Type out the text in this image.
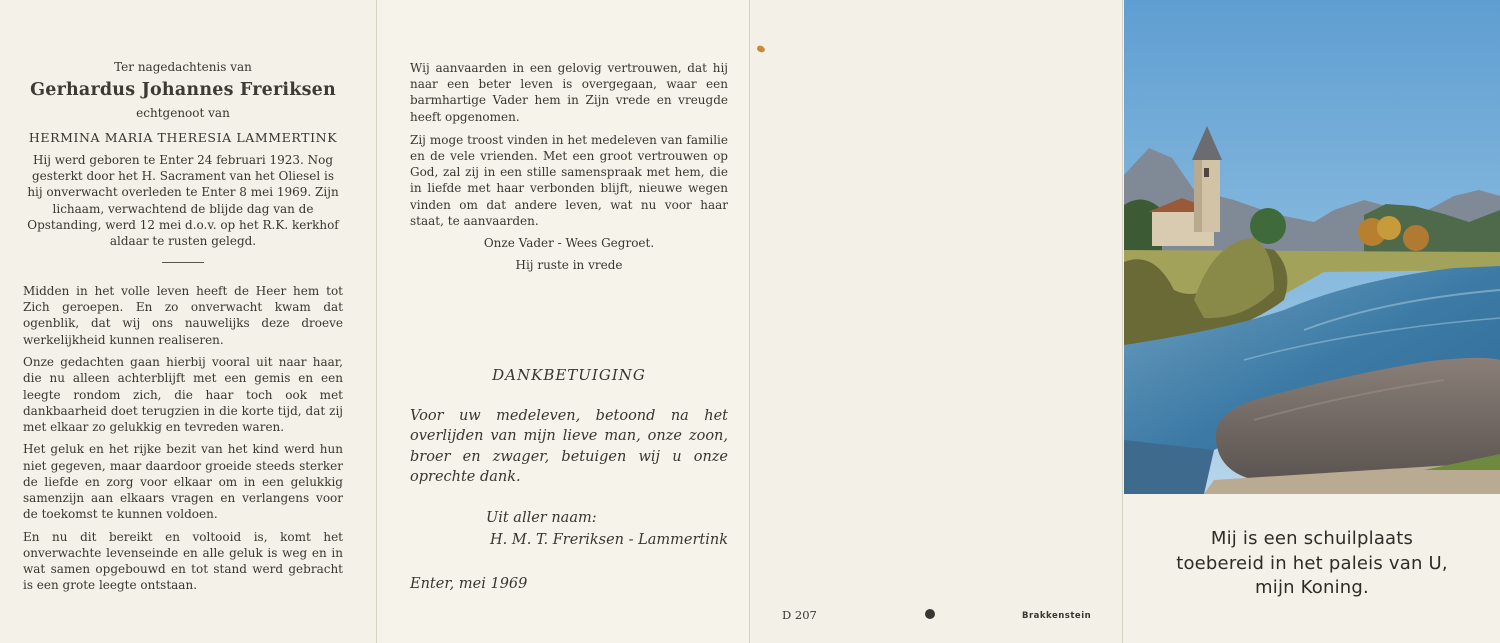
Ter nagedachtenis van
Gerhardus Johannes Freriksen
echtgenoot van
HERMINA MARIA THERESIA LAMMERTINK

Hij werd geboren te Enter 24 februari 1923. Nog gesterkt door het H. Sacrament van het Oliesel is hij onverwacht overleden te Enter 8 mei 1969. Zijn lichaam, verwachtend de blijde dag van de Opstanding, werd 12 mei d.o.v. op het R.K. kerkhof aldaar te rusten gelegd.

Midden in het volle leven heeft de Heer hem tot Zich geroepen. En zo onverwacht kwam dat ogenblik, dat wij ons nauwelijks deze droeve werkelijkheid kunnen realiseren.

Onze gedachten gaan hierbij vooral uit naar haar, die nu alleen achterblijft met een gemis en een leegte rondom zich, die haar toch ook met dankbaarheid doet terugzien in die korte tijd, dat zij met elkaar zo gelukkig en tevreden waren.

Het geluk en het rijke bezit van het kind werd hun niet gegeven, maar daardoor groeide steeds sterker de liefde en zorg voor elkaar om in een gelukkig samenzijn aan elkaars vragen en verlangens voor de toekomst te kunnen voldoen.

En nu dit bereikt en voltooid is, komt het onverwachte levenseinde en alle geluk is weg en in wat samen opgebouwd en tot stand werd gebracht is een grote leegte ontstaan.

Wij aanvaarden in een gelovig vertrouwen, dat hij naar een beter leven is overgegaan, waar een barmhartige Vader hem in Zijn vrede en vreugde heeft opgenomen.

Zij moge troost vinden in het medeleven van familie en de vele vrienden. Met een groot vertrouwen op God, zal zij in een stille samenspraak met hem, die in liefde met haar verbonden blijft, nieuwe wegen vinden om dat andere leven, wat nu voor haar staat, te aanvaarden.

Onze Vader - Wees Gegroet.
Hij ruste in vrede
DANKBETUIGING

Voor uw medeleven, betoond na het overlijden van mijn lieve man, onze zoon, broer en zwager, betuigen wij u onze oprechte dank.

Uit aller naam:
H. M. T. Freriksen - Lammertink
Enter, mei 1969
D 207	Brakkenstein
Mij is een schuilplaats
toebereid in het paleis van U,
mijn Koning.
